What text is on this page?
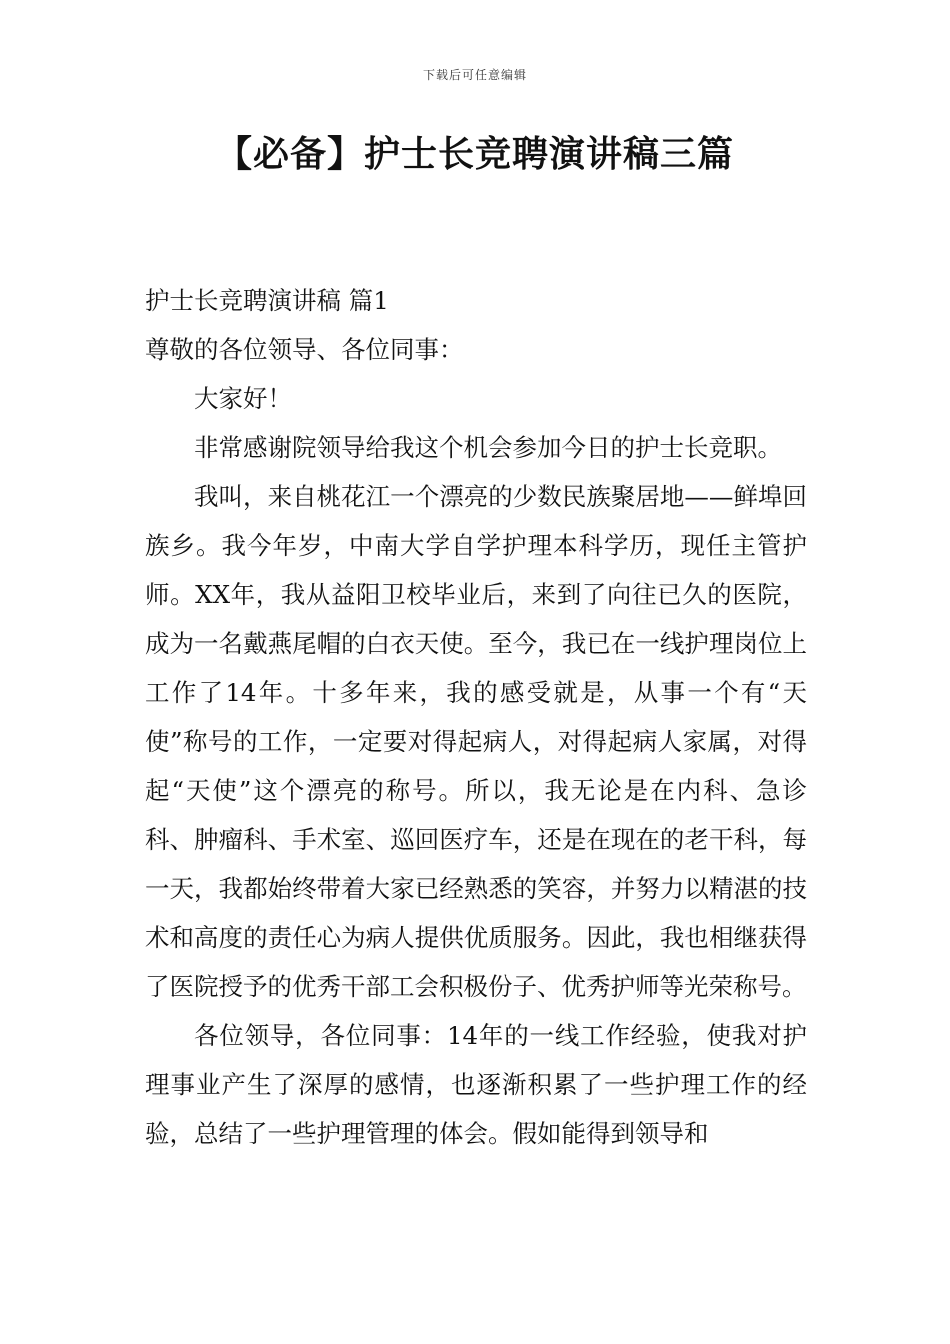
下载后可任意编辑
【必备】护士长竞聘演讲稿三篇

护士长竞聘演讲稿 篇1

尊敬的各位领导、各位同事：

大家好！

非常感谢院领导给我这个机会参加今日的护士长竞职。

我叫，来自桃花江一个漂亮的少数民族聚居地——鲜埠回族乡。我今年岁，中南大学自学护理本科学历，现任主管护师。XX年，我从益阳卫校毕业后，来到了向往已久的医院，成为一名戴燕尾帽的白衣天使。至今，我已在一线护理岗位上工作了14年。十多年来，我的感受就是，从事一个有“天使”称号的工作，一定要对得起病人，对得起病人家属，对得起“天使”这个漂亮的称号。所以，我无论是在内科、急诊科、肿瘤科、手术室、巡回医疗车，还是在现在的老干科，每一天，我都始终带着大家已经熟悉的笑容，并努力以精湛的技术和高度的责任心为病人提供优质服务。因此，我也相继获得了医院授予的优秀干部工会积极份子、优秀护师等光荣称号。

各位领导，各位同事：14年的一线工作经验，使我对护理事业产生了深厚的感情，也逐渐积累了一些护理工作的经验，总结了一些护理管理的体会。假如能得到领导和
